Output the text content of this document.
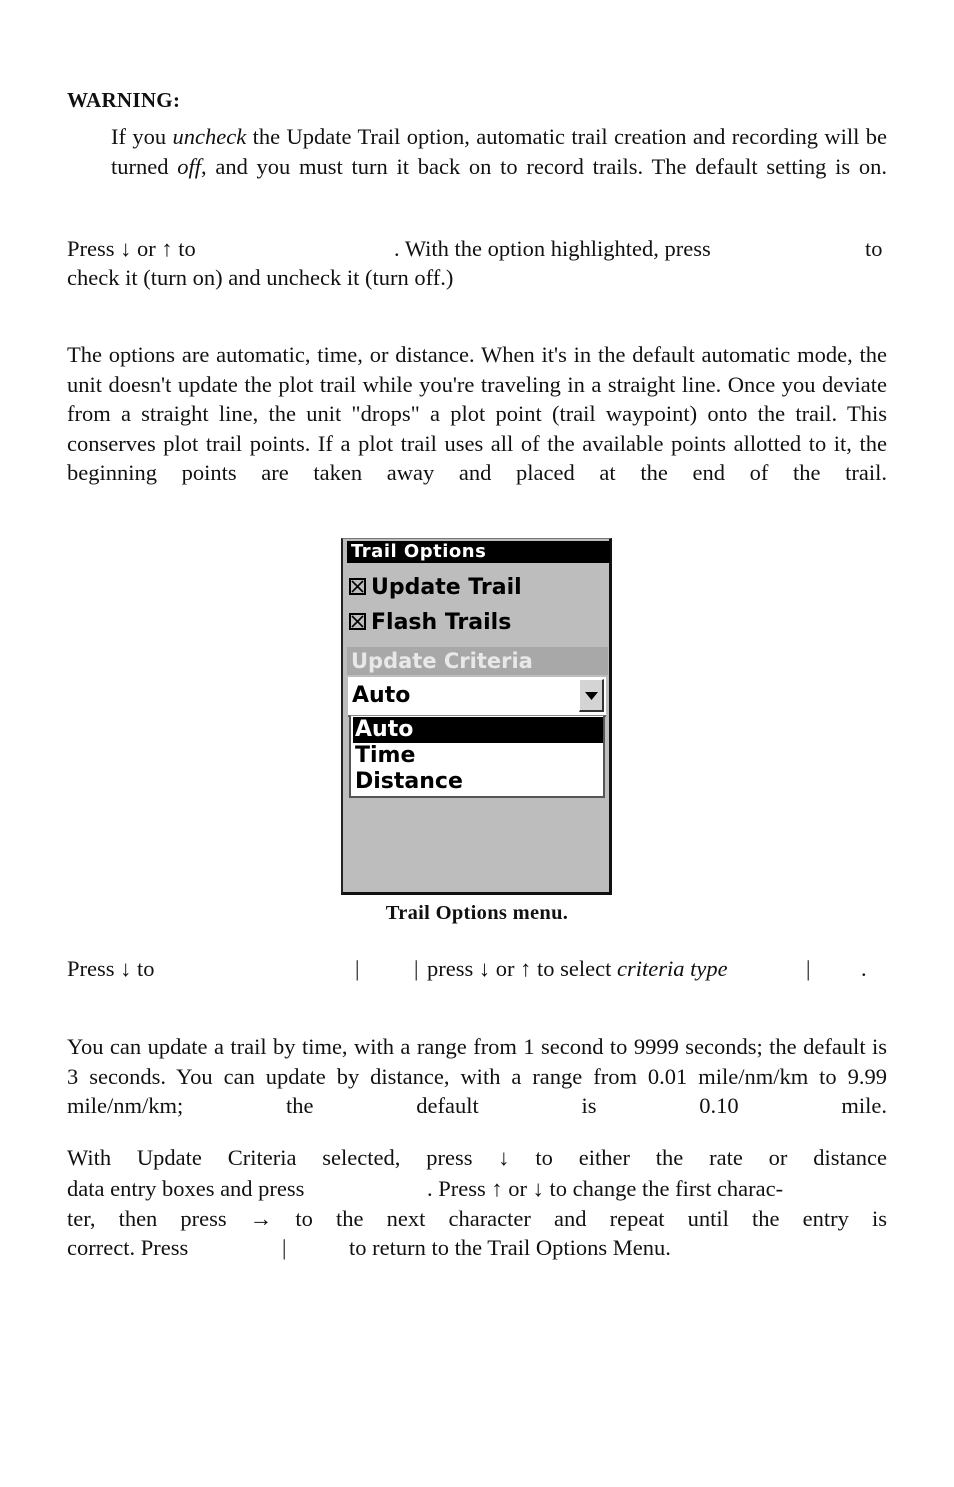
WARNING:
If you uncheck the Update Trail option, automatic trail creation and recording will be turned off, and you must turn it back on to record trails. The default setting is on.
Press ↓ or ↑ to	. With the option highlighted, press	to
check it (turn on) and uncheck it (turn off.)
The options are automatic, time, or distance. When it's in the default automatic mode, the unit doesn't update the plot trail while you're traveling in a straight line. Once you deviate from a straight line, the unit "drops" a plot point (trail waypoint) onto the trail. This conserves plot trail points. If a plot trail uses all of the available points allotted to it, the beginning points are taken away and placed at the end of the trail.
Trail Options
Update Trail
Flash Trails
Update Criteria
Auto
Auto
Time
Distance
Trail Options menu.
Press ↓ to	| | press ↓ or ↑ to select criteria type	| .
You can update a trail by time, with a range from 1 second to 9999 seconds; the default is 3 seconds. You can update by distance, with a range from 0.01 mile/nm/km to 9.99 mile/nm/km; the default is 0.10 mile.
With Update Criteria selected, press ↓ to either the rate or distance
data entry boxes and press	. Press ↑ or ↓ to change the first charac-
ter, then press → to the next character and repeat until the entry is
correct. Press	|	to return to the Trail Options Menu.
